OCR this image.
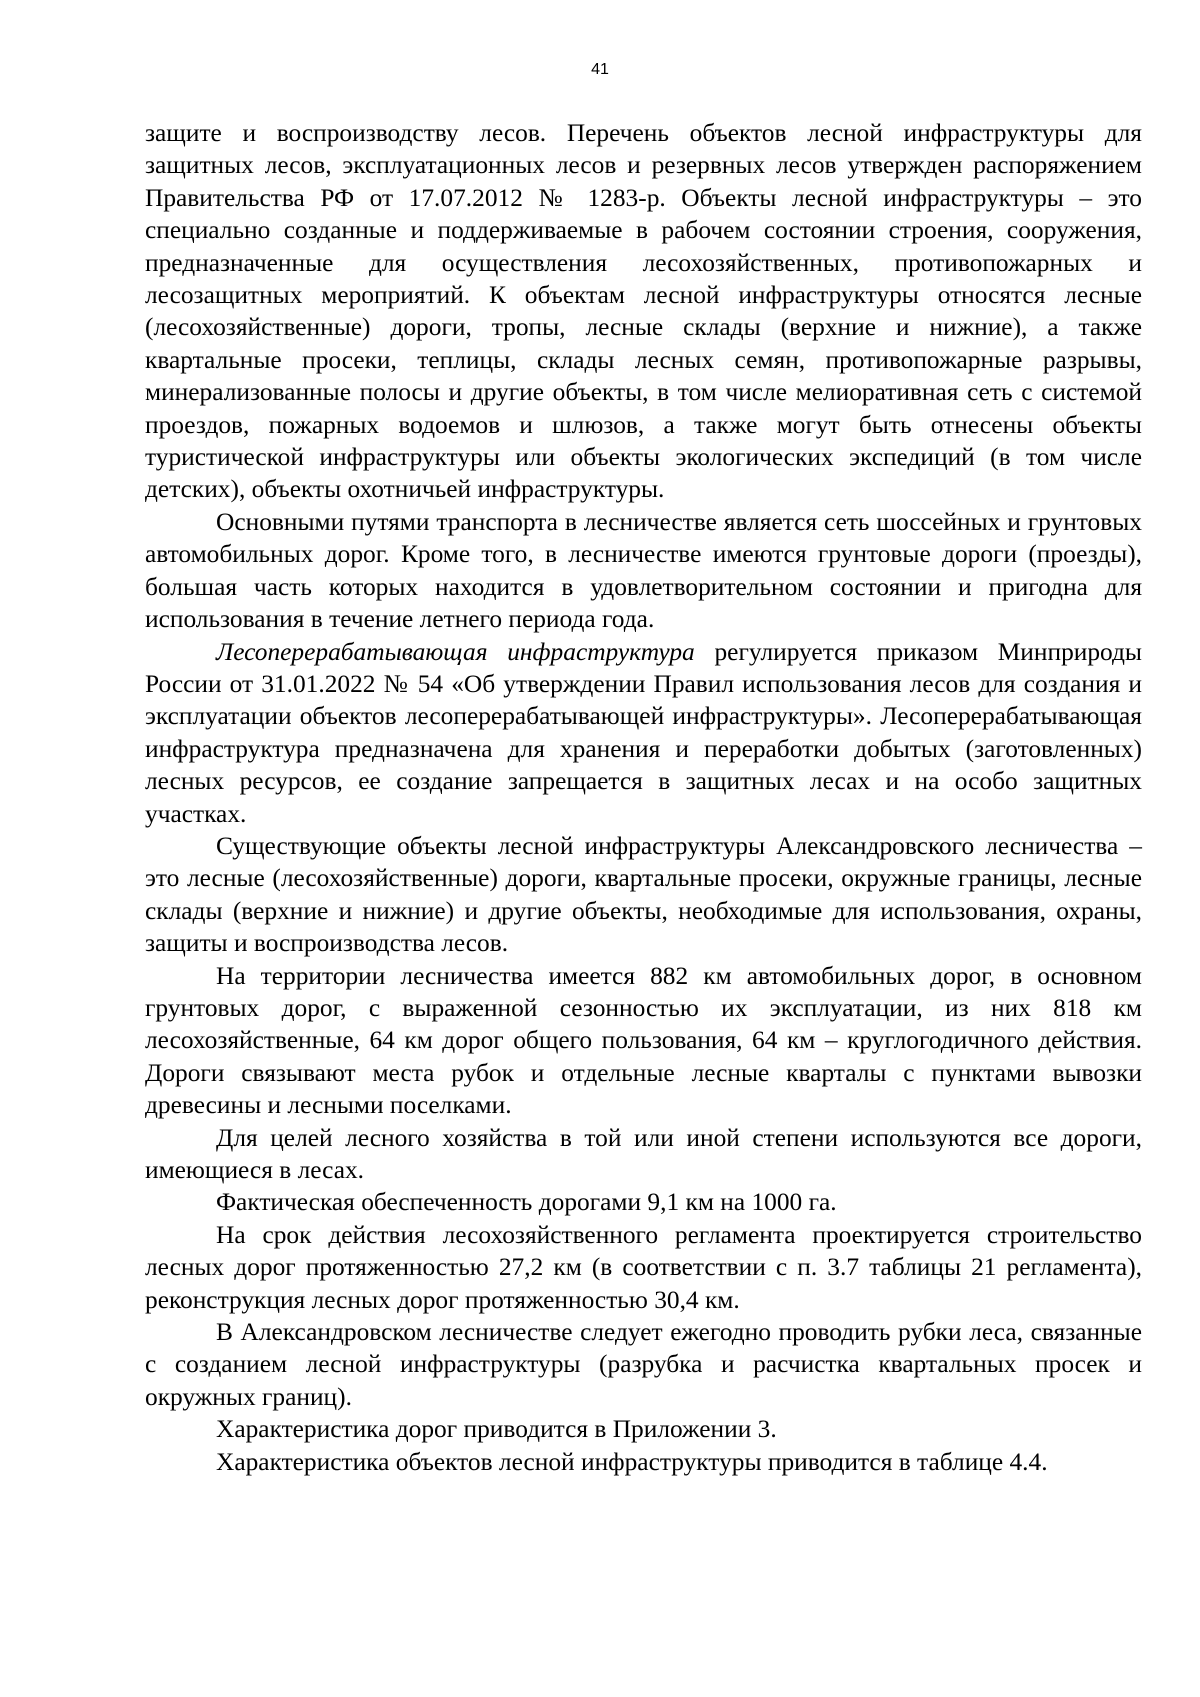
41

защите и воспроизводству лесов. Перечень объектов лесной инфраструктуры для защитных лесов, эксплуатационных лесов и резервных лесов утвержден распоряжением Правительства РФ от 17.07.2012 № 1283-р. Объекты лесной инфраструктуры – это специально созданные и поддерживаемые в рабочем состоянии строения, сооружения, предназначенные для осуществления лесохозяйственных, противопожарных и лесозащитных мероприятий. К объектам лесной инфраструктуры относятся лесные (лесохозяйственные) дороги, тропы, лесные склады (верхние и нижние), а также квартальные просеки, теплицы, склады лесных семян, противопожарные разрывы, минерализованные полосы и другие объекты, в том числе мелиоративная сеть с системой проездов, пожарных водоемов и шлюзов, а также могут быть отнесены объекты туристической инфраструктуры или объекты экологических экспедиций (в том числе детских), объекты охотничьей инфраструктуры.

Основными путями транспорта в лесничестве является сеть шоссейных и грунтовых автомобильных дорог. Кроме того, в лесничестве имеются грунтовые дороги (проезды), большая часть которых находится в удовлетворительном состоянии и пригодна для использования в течение летнего периода года.

Лесоперерабатывающая инфраструктура регулируется приказом Минприроды России от 31.01.2022 № 54 «Об утверждении Правил использования лесов для создания и эксплуатации объектов лесоперерабатывающей инфраструктуры». Лесоперерабатывающая инфраструктура предназначена для хранения и переработки добытых (заготовленных) лесных ресурсов, ее создание запрещается в защитных лесах и на особо защитных участках.

Существующие объекты лесной инфраструктуры Александровского лесничества – это лесные (лесохозяйственные) дороги, квартальные просеки, окружные границы, лесные склады (верхние и нижние) и другие объекты, необходимые для использования, охраны, защиты и воспроизводства лесов.

На территории лесничества имеется 882 км автомобильных дорог, в основном грунтовых дорог, с выраженной сезонностью их эксплуатации, из них 818 км лесохозяйственные, 64 км дорог общего пользования, 64 км – круглогодичного действия. Дороги связывают места рубок и отдельные лесные кварталы с пунктами вывозки древесины и лесными поселками.

Для целей лесного хозяйства в той или иной степени используются все дороги, имеющиеся в лесах.

Фактическая обеспеченность дорогами 9,1 км на 1000 га.

На срок действия лесохозяйственного регламента проектируется строительство лесных дорог протяженностью 27,2 км (в соответствии с п. 3.7 таблицы 21 регламента), реконструкция лесных дорог протяженностью 30,4 км.

В Александровском лесничестве следует ежегодно проводить рубки леса, связанные с созданием лесной инфраструктуры (разрубка и расчистка квартальных просек и окружных границ).

Характеристика дорог приводится в Приложении 3.

Характеристика объектов лесной инфраструктуры приводится в таблице 4.4.
